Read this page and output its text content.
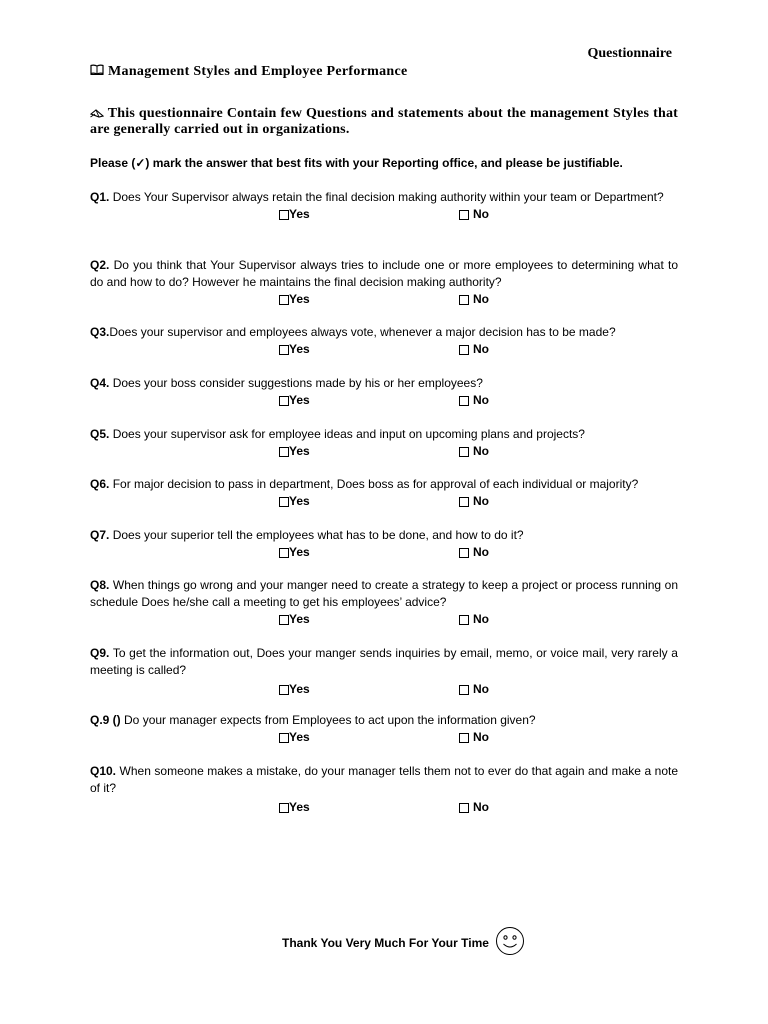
Questionnaire
Management Styles and Employee Performance
This questionnaire Contain few Questions and statements about the management Styles that are generally carried out in organizations.
Please (✓) mark the answer that best fits with your Reporting office, and please be justifiable.
Q1. Does Your Supervisor always retain the final decision making authority within your team or Department?
Yes	No
Q2. Do you think that Your Supervisor always tries to include one or more employees to determining what to do and how to do? However he maintains the final decision making authority?
Yes	No
Q3.Does your supervisor and employees always vote, whenever a major decision has to be made?
Yes	No
Q4. Does your boss consider suggestions made by his or her employees?
Yes	No
Q5. Does your supervisor ask for employee ideas and input on upcoming plans and projects?
Yes	No
Q6. For major decision to pass in department, Does boss as for approval of each individual or majority?
Yes	No
Q7. Does your superior tell the employees what has to be done, and how to do it?
Yes	No
Q8. When things go wrong and your manger need to create a strategy to keep a project or process running on schedule Does he/she call a meeting to get his employees’ advice?
Yes	No
Q9. To get the information out, Does your manger sends inquiries by email, memo, or voice mail, very rarely a meeting is called?
Yes	No
Q.9 () Do your manager expects from Employees to act upon the information given?
Yes	No
Q10. When someone makes a mistake, do your manager tells them not to ever do that again and make a note of it?
Yes	No
Thank You Very Much For Your Time
